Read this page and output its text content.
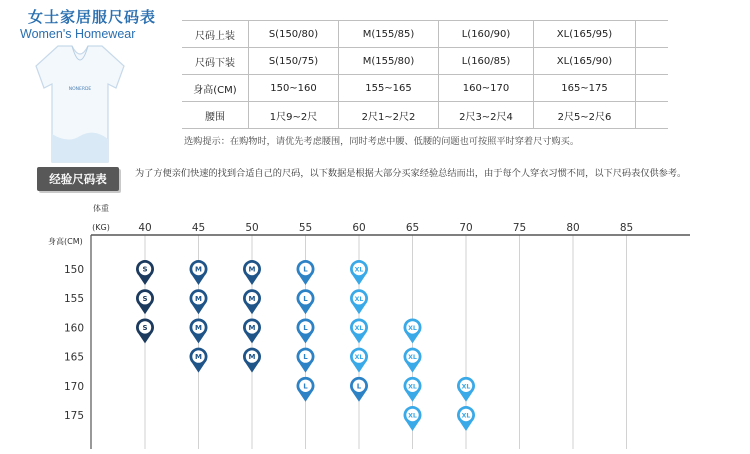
女士家居服尺码表
Women's Homewear
NONERDE
尺码上装	S(150/80)	M(155/85)	L(160/90)	XL(165/95)	
尺码下装	S(150/75)	M(155/80)	L(160/85)	XL(165/90)	
身高(CM)	150~160	155~165	160~170	165~175	
腰围	1尺9~2尺	2尺1~2尺2	2尺3~2尺4	2尺5~2尺6	
选购提示：在购物时，请优先考虑腰围，同时考虑中腰、低腰的问题也可按照平时穿着尺寸购买。
经验尺码表	为了方便亲们快速的找到合适自己的尺码，以下数据是根据大部分买家经验总结而出，由于每个人穿衣习惯不同，以下尺码表仅供参考。
体重
(KG)
身高(CM)
40	45	50	55	60	65	70	75	80	85
150
155
160
165
170
175
S
S
S
M
M
M
M
M
M
M
M
L
L
L
L
L
XL
XL
XL
XL
L
XL
XL
XL
XL
XL
XL
